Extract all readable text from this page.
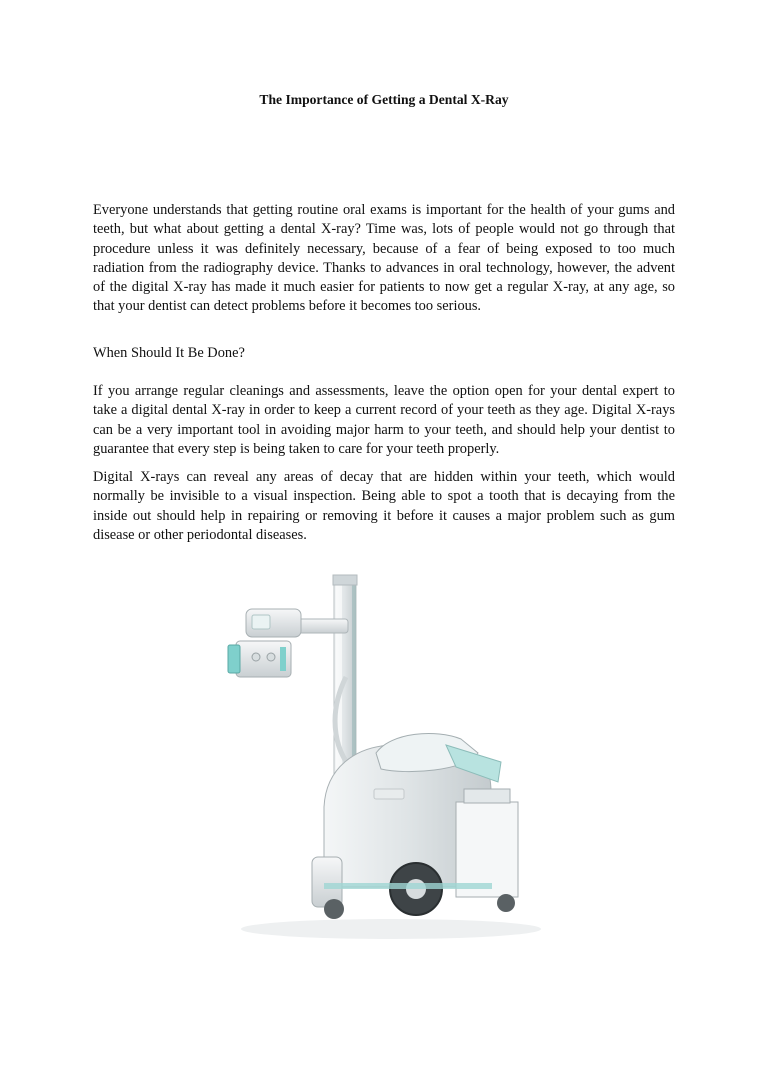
The Importance of Getting a Dental X-Ray

Everyone understands that getting routine oral exams is important for the health of your gums and teeth, but what about getting a dental X-ray? Time was, lots of people would not go through that procedure unless it was definitely necessary, because of a fear of being exposed to too much radiation from the radiography device. Thanks to advances in oral technology, however, the advent of the digital X-ray has made it much easier for patients to now get a regular X-ray, at any age, so that your dentist can detect problems before it becomes too serious.

When Should It Be Done?

If you arrange regular cleanings and assessments, leave the option open for your dental expert to take a digital dental X-ray in order to keep a current record of your teeth as they age. Digital X-rays can be a very important tool in avoiding major harm to your teeth, and should help your dentist to guarantee that every step is being taken to care for your teeth properly.

Digital X-rays can reveal any areas of decay that are hidden within your teeth, which would normally be invisible to a visual inspection. Being able to spot a tooth that is decaying from the inside out should help in repairing or removing it before it causes a major problem such as gum disease or other periodontal diseases.
